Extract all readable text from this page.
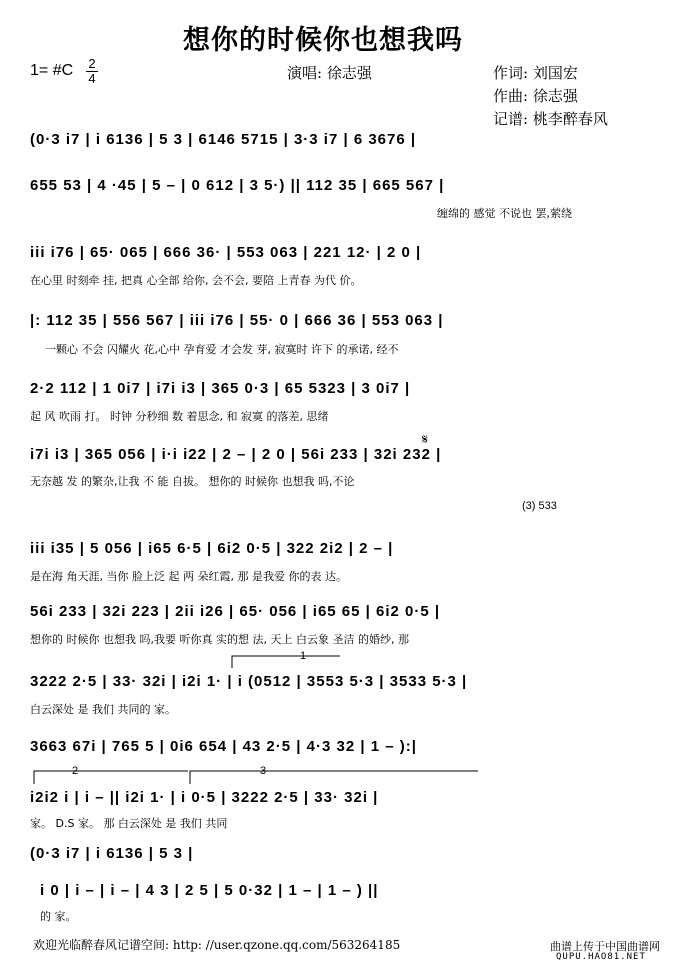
想你的时候你也想我吗
1= #C 2
4	演唱: 徐志强	作词: 刘国宏
作曲: 徐志强
记谱: 桃李醉春风
(0·3 i7 | i 6136 | 5 3 | 6146 5715 | 3·3 i7 | 6 3676 |
655 53 | 4 ·45 | 5 – | 0 612 | 3 5·) || 112 35 | 665 567 |
缠绵的 感觉 不说也 罢,萦绕
iii i76 | 65· 065 | 666 36· | 553 063 | 221 12· | 2 0 |
在心里 时刻牵 挂, 把真 心全部 给你, 会不会, 要陪 上青春 为代 价。
|: 112 35 | 556 567 | iii i76 | 55· 0 | 666 36 | 553 063 |
一颗心 不会 闪耀火 花,心中 孕育爱 才会发 芽, 寂寞时 许下 的承诺, 经不
2·2 112 | 1 0i7 | i7i i3 | 365 0·3 | 65 5323 | 3 0i7 |
起 风 吹雨 打。 时钟 分秒细 数 着思念, 和 寂寞 的落差, 思绪
i7i i3 | 365 056 | i·i i22 | 2 – | 2 0 | 56i 233 | 32i 232 |
无奈越 发 的繁杂,让我 不 能 自拔。 想你的 时候你 也想我 吗,不论
(3) 533
iii i35 | 5 056 | i65 6·5 | 6i2 0·5 | 322 2i2 | 2 – |
是在海 角天涯, 当你 脸上泛 起 两 朵红霞, 那 是我爱 你的表 达。
56i 233 | 32i 223 | 2ii i26 | 65· 056 | i65 65 | 6i2 0·5 |
想你的 时候你 也想我 吗,我要 听你真 实的想 法, 天上 白云象 圣洁 的婚纱, 那
3222 2·5 | 33· 32i | i2i 1· | i (0512 | 3553 5·3 | 3533 5·3 |
白云深处 是 我们 共同的 家。
3663 67i | 765 5 | 0i6 654 | 43 2·5 | 4·3 32 | 1 – ):|
i2i2 i | i – || i2i 1· | i 0·5 | 3222 2·5 | 33· 32i |
家。 D.S 家。 那 白云深处 是 我们 共同
(0·3 i7 | i 6136 | 5 3 |
i 0 | i – | i – | 4 3 | 2 5 | 5 0·32 | 1 – | 1 – ) ||
的 家。
1
2	3
𝄋
欢迎光临醉春风记谱空间: http: //user.qzone.qq.com/563264185	曲谱上传于中国曲谱网
QUPU.HAO81.NET
